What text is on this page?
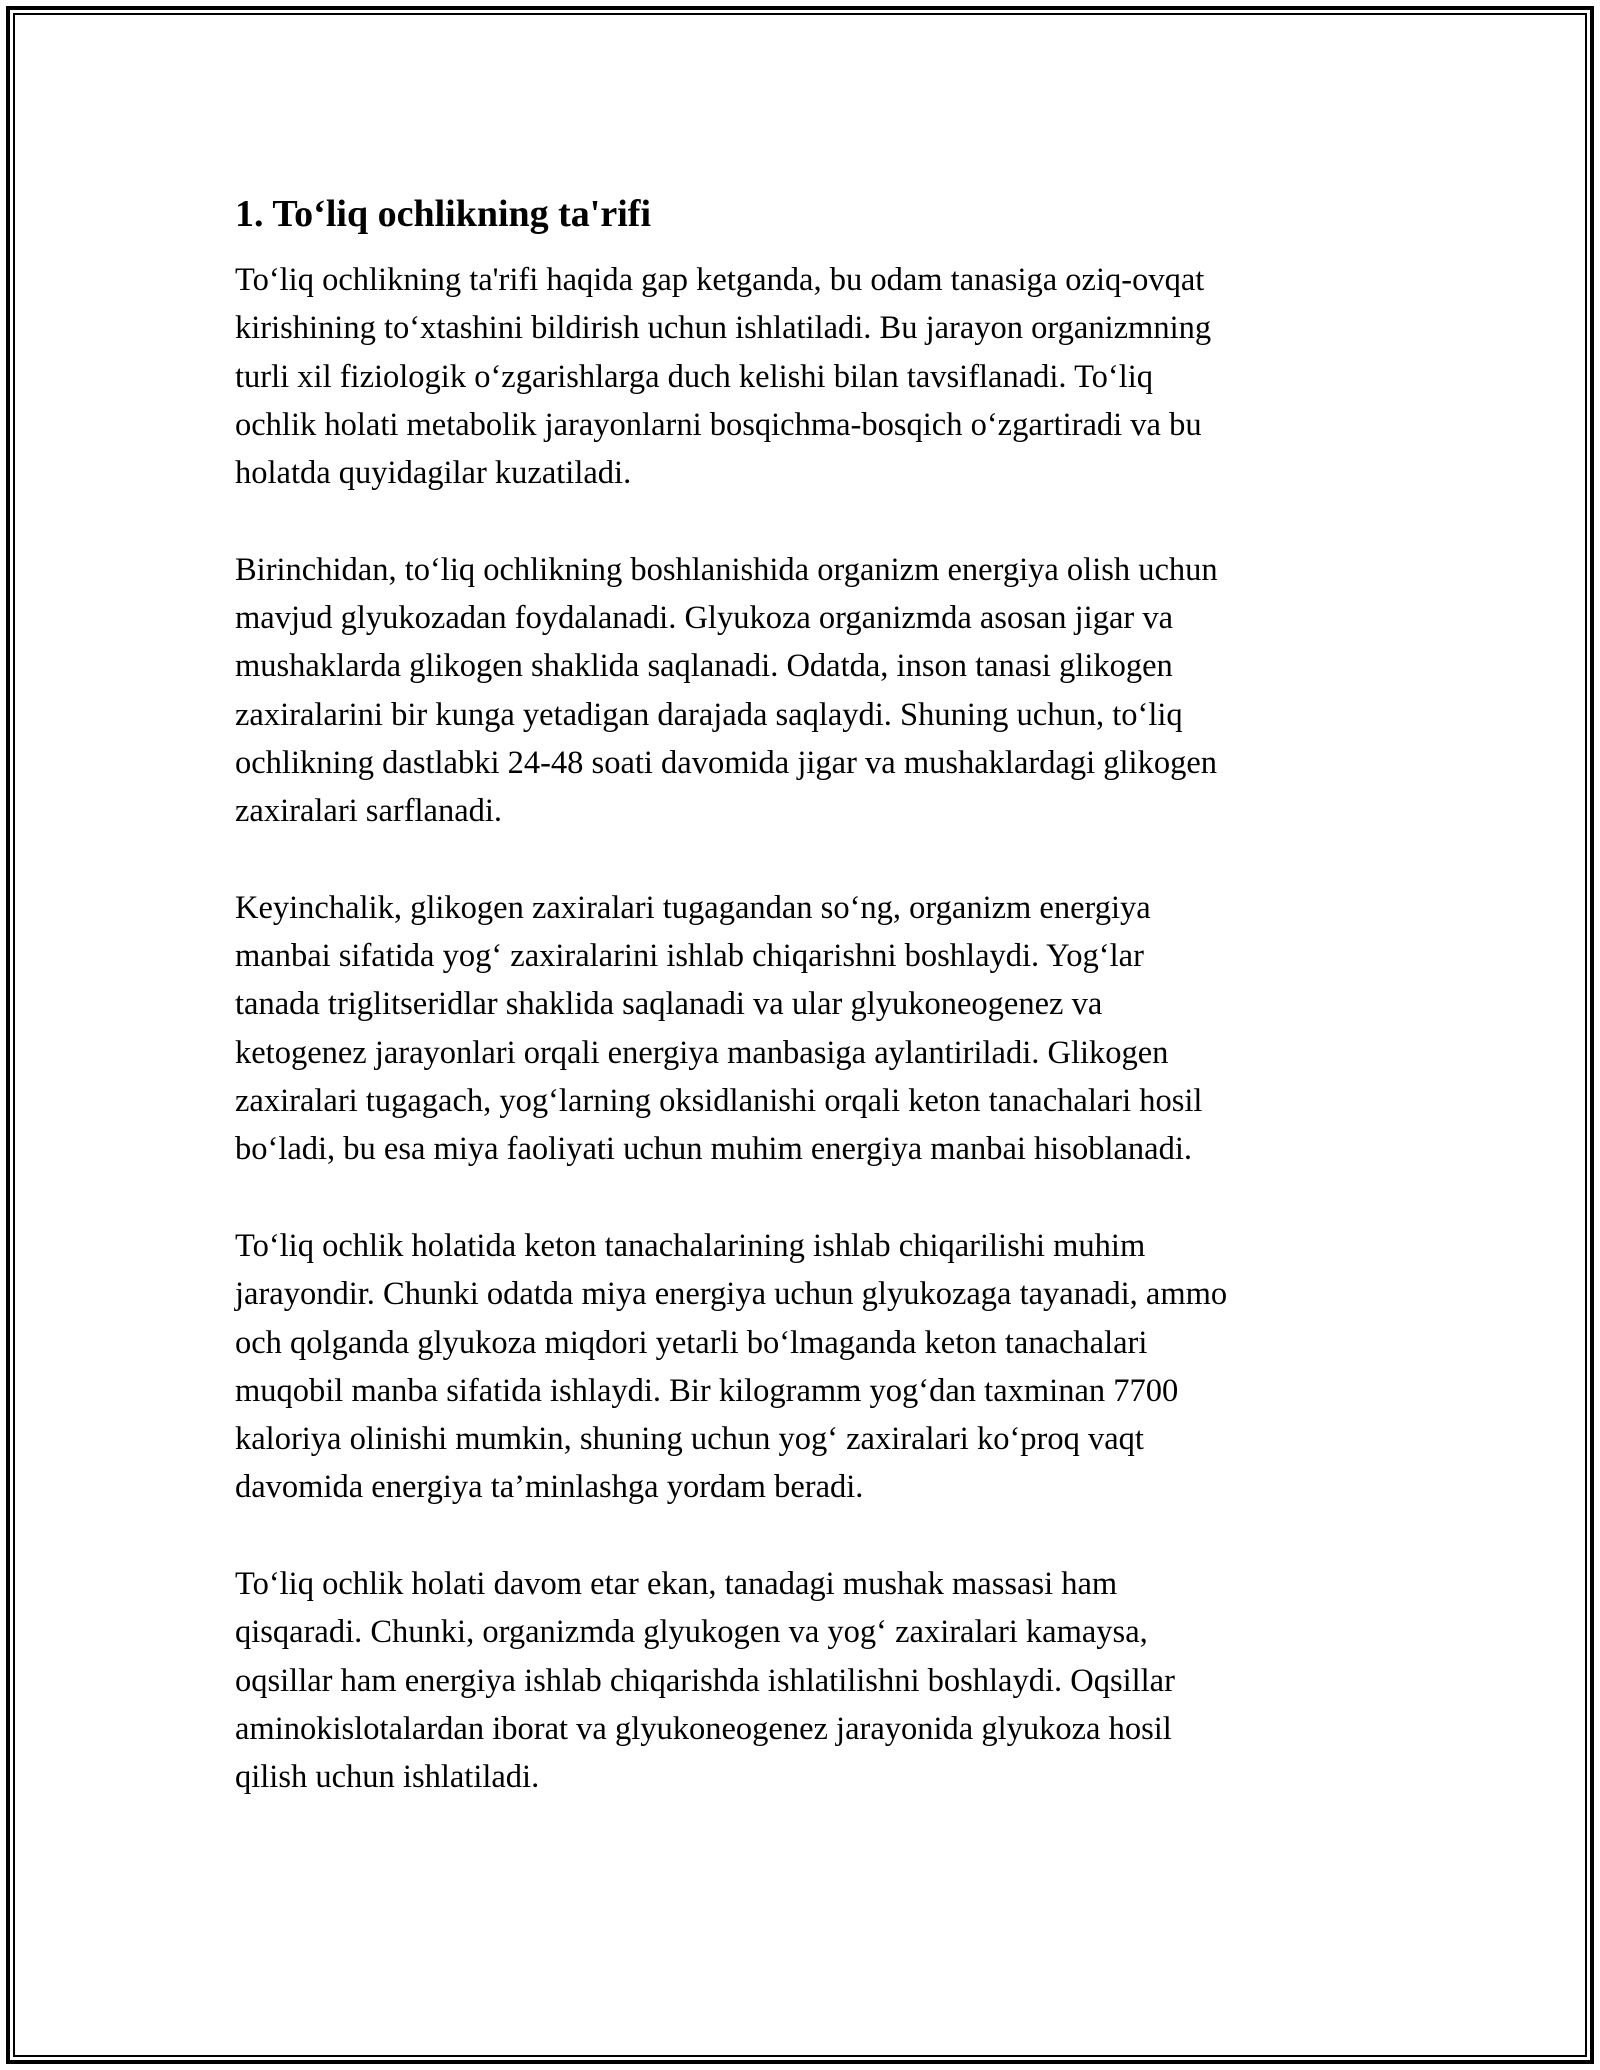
1. To‘liq ochlikning ta'rifi

To‘liq ochlikning ta'rifi haqida gap ketganda, bu odam tanasiga oziq-ovqat
kirishining to‘xtashini bildirish uchun ishlatiladi. Bu jarayon organizmning
turli xil fiziologik o‘zgarishlarga duch kelishi bilan tavsiflanadi. To‘liq
ochlik holati metabolik jarayonlarni bosqichma-bosqich o‘zgartiradi va bu
holatda quyidagilar kuzatiladi.

Birinchidan, to‘liq ochlikning boshlanishida organizm energiya olish uchun
mavjud glyukozadan foydalanadi. Glyukoza organizmda asosan jigar va
mushaklarda glikogen shaklida saqlanadi. Odatda, inson tanasi glikogen
zaxiralarini bir kunga yetadigan darajada saqlaydi. Shuning uchun, to‘liq
ochlikning dastlabki 24-48 soati davomida jigar va mushaklardagi glikogen
zaxiralari sarflanadi.

Keyinchalik, glikogen zaxiralari tugagandan so‘ng, organizm energiya
manbai sifatida yog‘ zaxiralarini ishlab chiqarishni boshlaydi. Yog‘lar
tanada triglitseridlar shaklida saqlanadi va ular glyukoneogenez va
ketogenez jarayonlari orqali energiya manbasiga aylantiriladi. Glikogen
zaxiralari tugagach, yog‘larning oksidlanishi orqali keton tanachalari hosil
bo‘ladi, bu esa miya faoliyati uchun muhim energiya manbai hisoblanadi.

To‘liq ochlik holatida keton tanachalarining ishlab chiqarilishi muhim
jarayondir. Chunki odatda miya energiya uchun glyukozaga tayanadi, ammo
och qolganda glyukoza miqdori yetarli bo‘lmaganda keton tanachalari
muqobil manba sifatida ishlaydi. Bir kilogramm yog‘dan taxminan 7700
kaloriya olinishi mumkin, shuning uchun yog‘ zaxiralari ko‘proq vaqt
davomida energiya ta’minlashga yordam beradi.

To‘liq ochlik holati davom etar ekan, tanadagi mushak massasi ham
qisqaradi. Chunki, organizmda glyukogen va yog‘ zaxiralari kamaysa,
oqsillar ham energiya ishlab chiqarishda ishlatilishni boshlaydi. Oqsillar
aminokislotalardan iborat va glyukoneogenez jarayonida glyukoza hosil
qilish uchun ishlatiladi.
